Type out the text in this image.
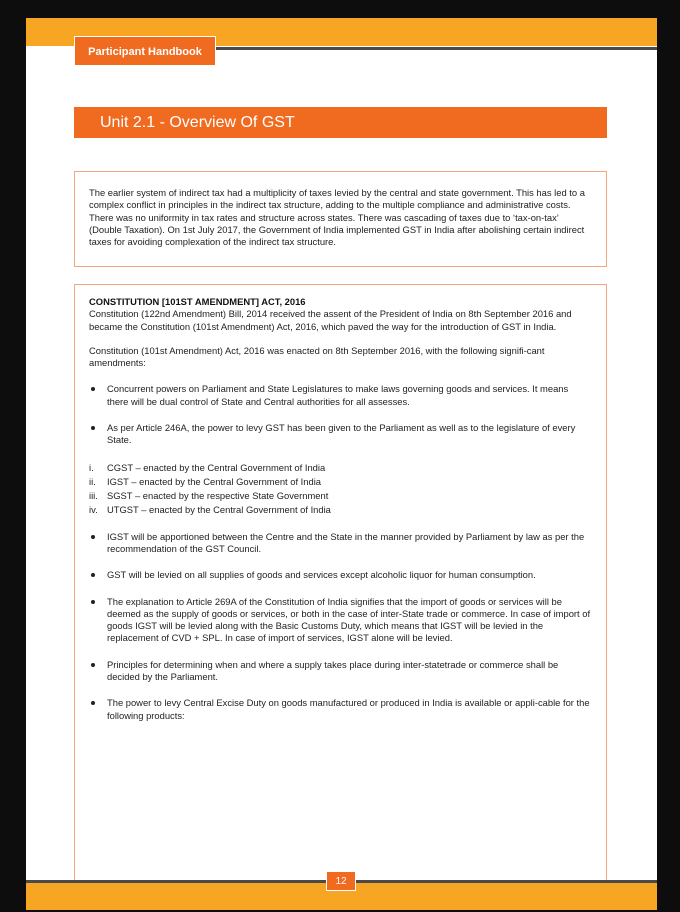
Participant Handbook
Unit 2.1 - Overview Of GST

The earlier system of indirect tax had a multiplicity of taxes levied by the central and state government. This has led to a complex conflict in principles in the indirect tax structure, adding to the multiple compliance and administrative costs. There was no uniformity in tax rates and structure across states. There was cascading of taxes due to ‘tax-on-tax’ (Double Taxation). On 1st July 2017, the Government of India implemented GST in India after abolishing certain indirect taxes for avoiding complexation of the indirect tax structure.

CONSTITUTION [101ST AMENDMENT] ACT, 2016

Constitution (122nd Amendment) Bill, 2014 received the assent of the President of India on 8th September 2016 and became the Constitution (101st Amendment) Act, 2016, which paved the way for the introduction of GST in India.

Constitution (101st Amendment) Act, 2016 was enacted on 8th September 2016, with the following signifi-cant amendments:

Concurrent powers on Parliament and State Legislatures to make laws governing goods and services. It means there will be dual control of State and Central authorities for all assesses.
As per Article 246A, the power to levy GST has been given to the Parliament as well as to the legislature of every State.
i. CGST – enacted by the Central Government of India
ii. IGST – enacted by the Central Government of India
iii. SGST – enacted by the respective State Government
iv. UTGST – enacted by the Central Government of India
IGST will be apportioned between the Centre and the State in the manner provided by Parliament by law as per the recommendation of the GST Council.
GST will be levied on all supplies of goods and services except alcoholic liquor for human consumption.
The explanation to Article 269A of the Constitution of India signifies that the import of goods or services will be deemed as the supply of goods or services, or both in the case of inter-State trade or commerce. In case of import of goods IGST will be levied along with the Basic Customs Duty, which means that IGST will be levied in the replacement of CVD + SPL. In case of import of services, IGST alone will be levied.
Principles for determining when and where a supply takes place during inter-statetrade or commerce shall be decided by the Parliament.
The power to levy Central Excise Duty on goods manufactured or produced in India is available or appli-cable for the following products:
12
